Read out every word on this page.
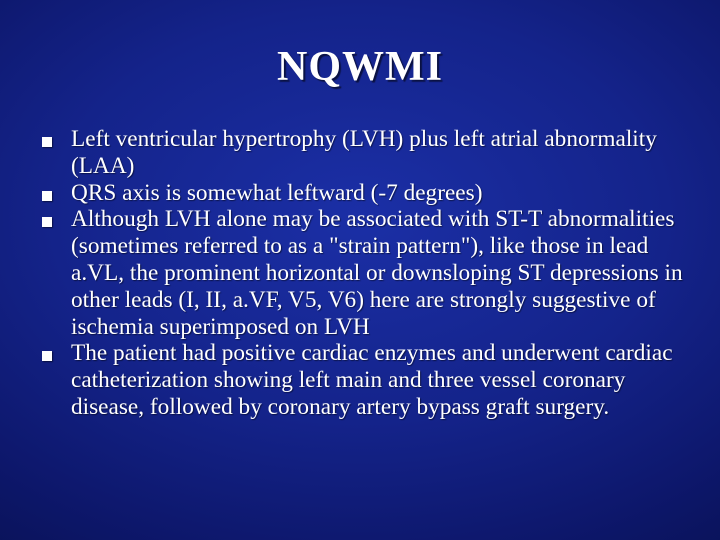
NQWMI
Left ventricular hypertrophy (LVH) plus left atrial abnormality (LAA)
QRS axis is somewhat leftward (-7 degrees)
Although LVH alone may be associated with ST-T abnormalities (sometimes referred to as a "strain pattern"), like those in lead a.VL, the prominent horizontal or downsloping ST depressions in other leads (I, II, a.VF, V5, V6) here are strongly suggestive of ischemia superimposed on LVH
The patient had positive cardiac enzymes and underwent cardiac catheterization showing left main and three vessel coronary disease, followed by coronary artery bypass graft surgery.
